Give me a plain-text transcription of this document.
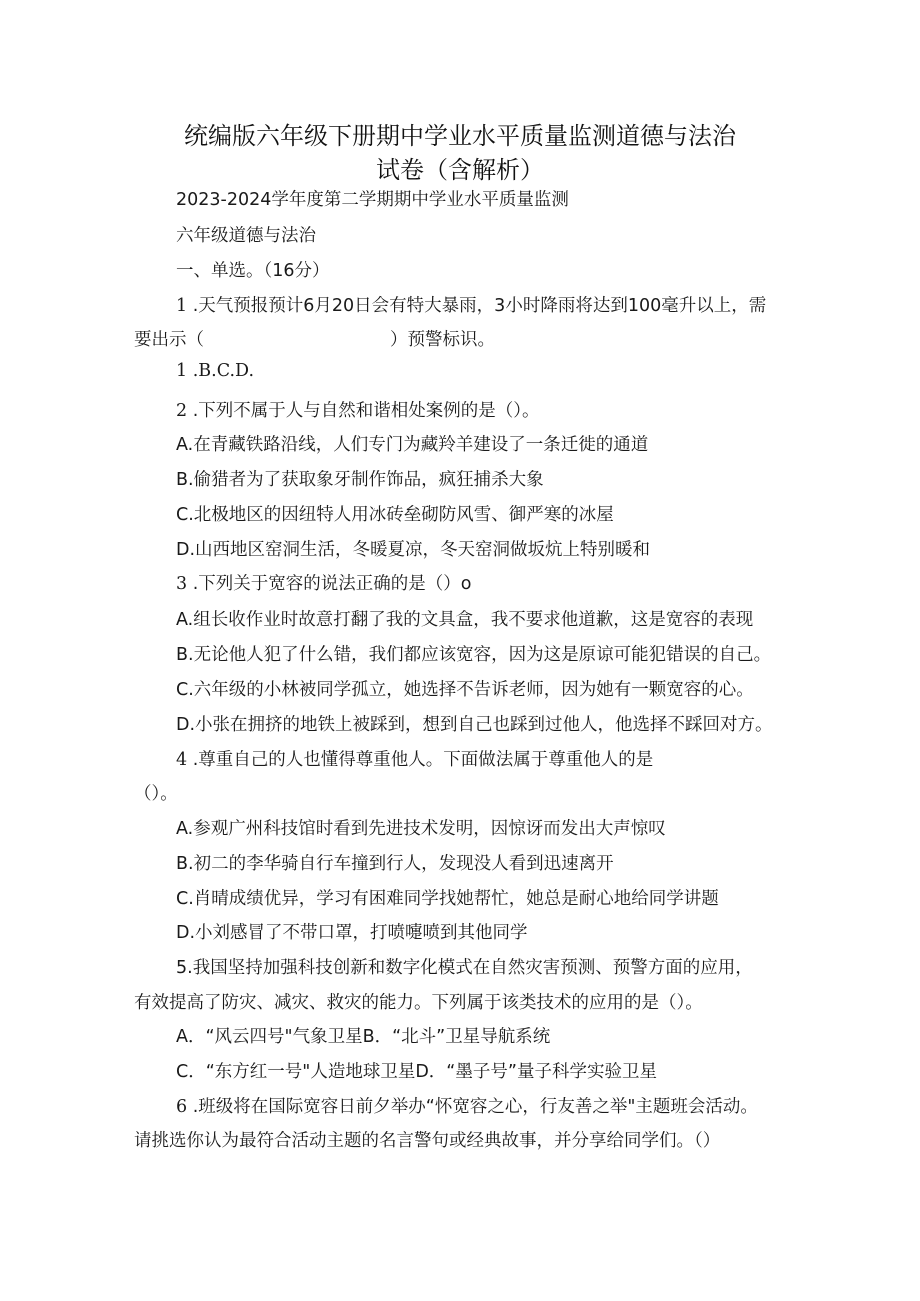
统编版六年级下册期中学业水平质量监测道德与法治
试卷（含解析）
2023-2024学年度第二学期期中学业水平质量监测
六年级道德与法治
一、单选。（16分）
1 .天气预报预计6月20日会有特大暴雨，3小时降雨将达到100毫升以上，需
要出示（	）预警标识。
1 .B.C.D.
2 .下列不属于人与自然和谐相处案例的是（）。
A.在青藏铁路沿线，人们专门为藏羚羊建设了一条迁徙的通道
B.偷猎者为了获取象牙制作饰品，疯狂捕杀大象
C.北极地区的因纽特人用冰砖垒砌防风雪、御严寒的冰屋
D.山西地区窑洞生活，冬暖夏凉，冬天窑洞做坂炕上特别暖和
3 .下列关于宽容的说法正确的是（）o
A.组长收作业时故意打翻了我的文具盒，我不要求他道歉，这是宽容的表现
B.无论他人犯了什么错，我们都应该宽容，因为这是原谅可能犯错误的自己。
C.六年级的小林被同学孤立，她选择不告诉老师，因为她有一颗宽容的心。
D.小张在拥挤的地铁上被踩到，想到自己也踩到过他人，他选择不踩回对方。
4 .尊重自己的人也懂得尊重他人。下面做法属于尊重他人的是
（）。
A.参观广州科技馆时看到先进技术发明，因惊讶而发出大声惊叹
B.初二的李华骑自行车撞到行人，发现没人看到迅速离开
C.肖晴成绩优异，学习有困难同学找她帮忙，她总是耐心地给同学讲题
D.小刘感冒了不带口罩，打喷嚏喷到其他同学
5.我国坚持加强科技创新和数字化模式在自然灾害预测、预警方面的应用，
有效提高了防灾、减灾、救灾的能力。下列属于该类技术的应用的是（）。
A．“风云四号"气象卫星B．“北斗”卫星导航系统
C．“东方红一号"人造地球卫星D．“墨子号”量子科学实验卫星
6 .班级将在国际宽容日前夕举办“怀宽容之心，行友善之举"主题班会活动。
请挑选你认为最符合活动主题的名言警句或经典故事，并分享给同学们。（）
